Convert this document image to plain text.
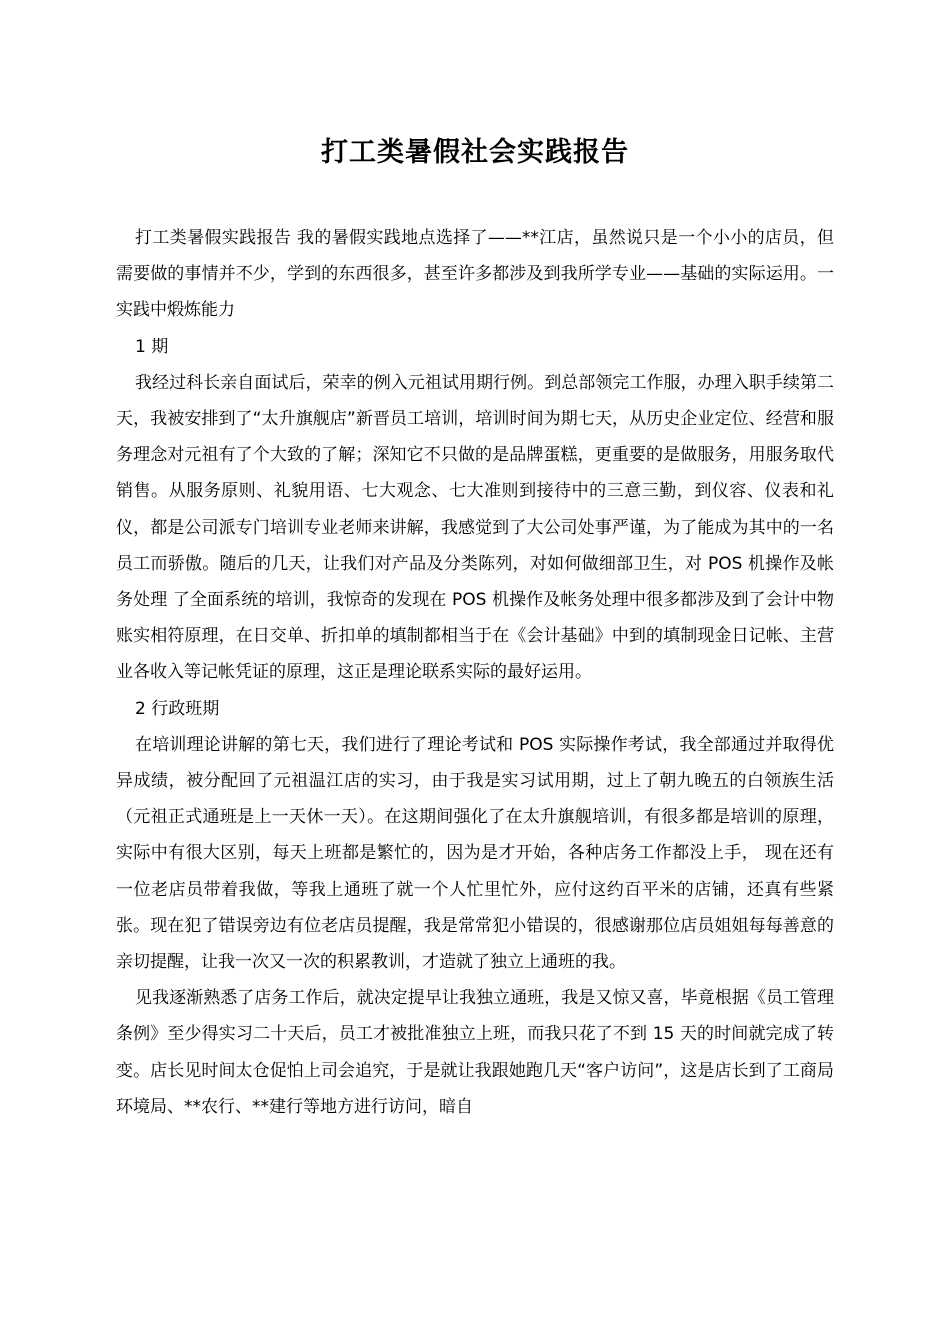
打工类暑假社会实践报告

打工类暑假实践报告 我的暑假实践地点选择了——**江店，虽然说只是一个小小的店员，但需要做的事情并不少，学到的东西很多，甚至许多都涉及到我所学专业——基础的实际运用。一实践中煅炼能力

1 期

我经过科长亲自面试后，荣幸的例入元祖试用期行例。到总部领完工作服，办理入职手续第二天，我被安排到了“太升旗舰店”新晋员工培训，培训时间为期七天，从历史企业定位、经营和服务理念对元祖有了个大致的了解；深知它不只做的是品牌蛋糕，更重要的是做服务，用服务取代销售。从服务原则、礼貌用语、七大观念、七大准则到接待中的三意三勤，到仪容、仪表和礼仪，都是公司派专门培训专业老师来讲解，我感觉到了大公司处事严谨，为了能成为其中的一名员工而骄傲。随后的几天，让我们对产品及分类陈列，对如何做细部卫生，对 POS 机操作及帐务处理 了全面系统的培训，我惊奇的发现在 POS 机操作及帐务处理中很多都涉及到了会计中物账实相符原理，在日交单、折扣单的填制都相当于在《会计基础》中到的填制现金日记帐、主营业各收入等记帐凭证的原理，这正是理论联系实际的最好运用。

2 行政班期

在培训理论讲解的第七天，我们进行了理论考试和 POS 实际操作考试，我全部通过并取得优异成绩，被分配回了元祖温江店的实习，由于我是实习试用期，过上了朝九晚五的白领族生活（元祖正式通班是上一天休一天）。在这期间强化了在太升旗舰培训，有很多都是培训的原理，实际中有很大区别，每天上班都是繁忙的，因为是才开始，各种店务工作都没上手， 现在还有一位老店员带着我做，等我上通班了就一个人忙里忙外，应付这约百平米的店铺，还真有些紧张。现在犯了错误旁边有位老店员提醒，我是常常犯小错误的，很感谢那位店员姐姐每每善意的亲切提醒，让我一次又一次的积累教训，才造就了独立上通班的我。

见我逐渐熟悉了店务工作后，就决定提早让我独立通班，我是又惊又喜，毕竟根据《员工管理条例》至少得实习二十天后，员工才被批准独立上班，而我只花了不到 15 天的时间就完成了转变。店长见时间太仓促怕上司会追究，于是就让我跟她跑几天“客户访问”，这是店长到了工商局环境局、**农行、**建行等地方进行访问，暗自
